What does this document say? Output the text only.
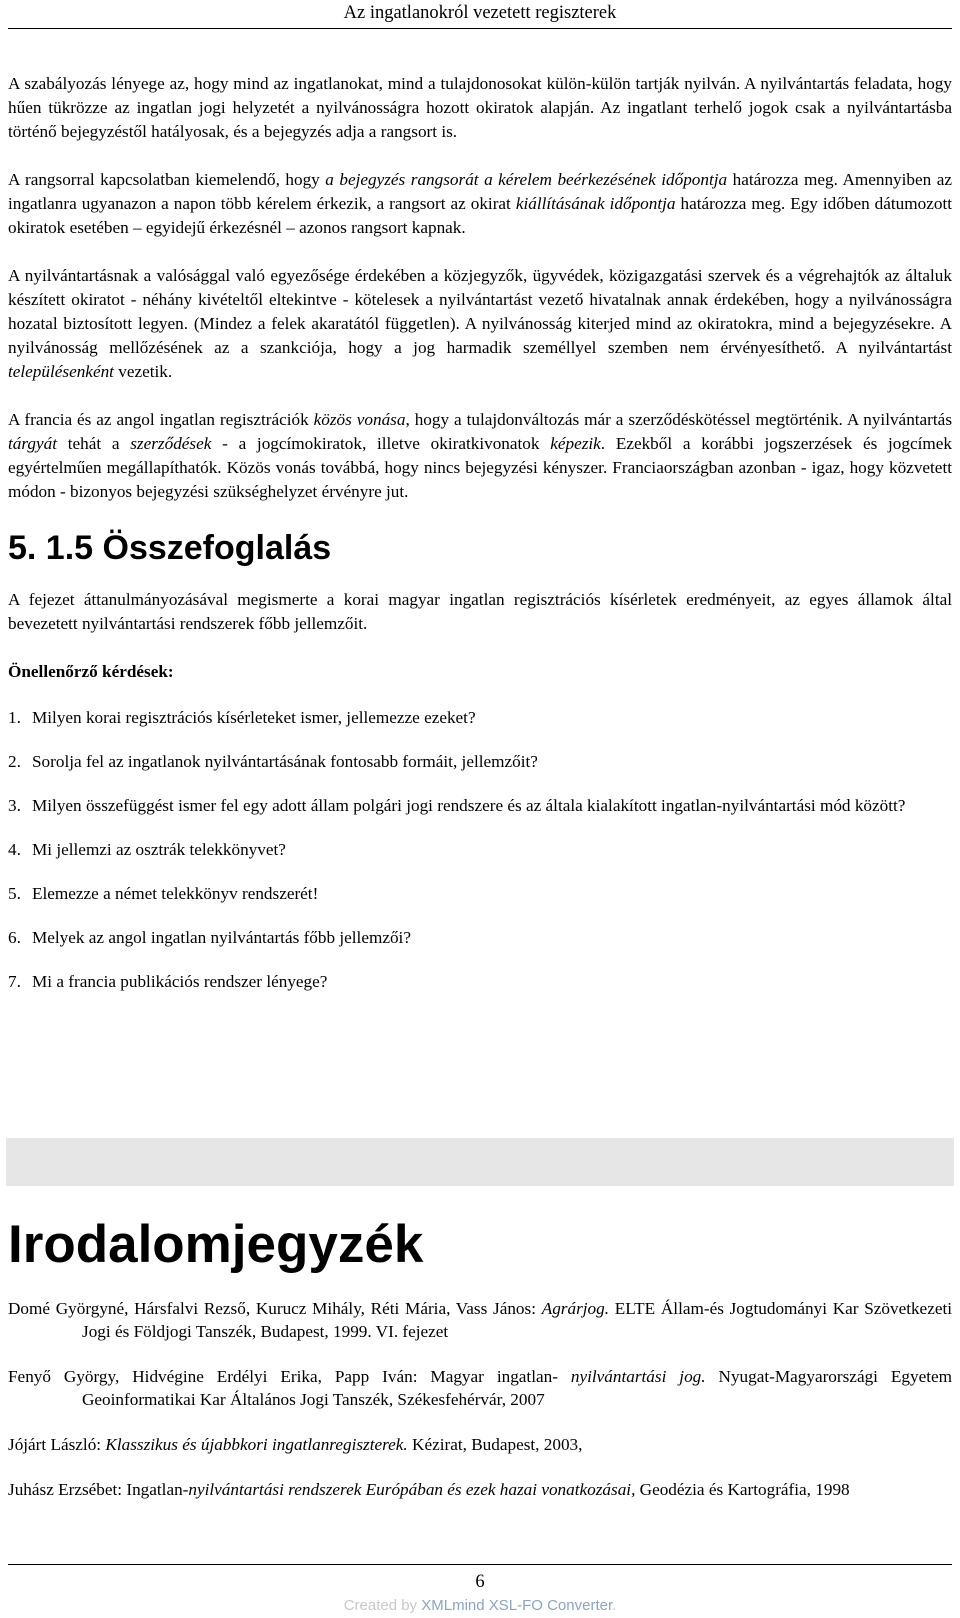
Az ingatlanokról vezetett regiszterek

A szabályozás lényege az, hogy mind az ingatlanokat, mind a tulajdonosokat külön-külön tartják nyilván. A nyilvántartás feladata, hogy hűen tükrözze az ingatlan jogi helyzetét a nyilvánosságra hozott okiratok alapján. Az ingatlant terhelő jogok csak a nyilvántartásba történő bejegyzéstől hatályosak, és a bejegyzés adja a rangsort is.

A rangsorral kapcsolatban kiemelendő, hogy a bejegyzés rangsorát a kérelem beérkezésének időpontja határozza meg. Amennyiben az ingatlanra ugyanazon a napon több kérelem érkezik, a rangsort az okirat kiállításának időpontja határozza meg. Egy időben dátumozott okiratok esetében – egyidejű érkezésnél – azonos rangsort kapnak.

A nyilvántartásnak a valósággal való egyezősége érdekében a közjegyzők, ügyvédek, közigazgatási szervek és a végrehajtók az általuk készített okiratot - néhány kivételtől eltekintve - kötelesek a nyilvántartást vezető hivatalnak annak érdekében, hogy a nyilvánosságra hozatal biztosított legyen. (Mindez a felek akaratától független). A nyilvánosság kiterjed mind az okiratokra, mind a bejegyzésekre. A nyilvánosság mellőzésének az a szankciója, hogy a jog harmadik személlyel szemben nem érvényesíthető. A nyilvántartást településenként vezetik.

A francia és az angol ingatlan regisztrációk közös vonása, hogy a tulajdonváltozás már a szerződéskötéssel megtörténik. A nyilvántartás tárgyát tehát a szerződések - a jogcímokiratok, illetve okiratkivonatok képezik. Ezekből a korábbi jogszerzések és jogcímek egyértelműen megállapíthatók. Közös vonás továbbá, hogy nincs bejegyzési kényszer. Franciaországban azonban - igaz, hogy közvetett módon - bizonyos bejegyzési szükséghelyzet érvényre jut.

5. 1.5 Összefoglalás

A fejezet áttanulmányozásával megismerte a korai magyar ingatlan regisztrációs kísérletek eredményeit, az egyes államok által bevezetett nyilvántartási rendszerek főbb jellemzőit.

Önellenőrző kérdések:

1. Milyen korai regisztrációs kísérleteket ismer, jellemezze ezeket?
2. Sorolja fel az ingatlanok nyilvántartásának fontosabb formáit, jellemzőit?
3. Milyen összefüggést ismer fel egy adott állam polgári jogi rendszere és az általa kialakított ingatlan-nyilvántartási mód között?
4. Mi jellemzi az osztrák telekkönyvet?
5. Elemezze a német telekkönyv rendszerét!
6. Melyek az angol ingatlan nyilvántartás főbb jellemzői?
7. Mi a francia publikációs rendszer lényege?
Irodalomjegyzék

Domé Györgyné, Hársfalvi Rezső, Kurucz Mihály, Réti Mária, Vass János: Agrárjog. ELTE Állam-és Jogtudományi Kar Szövetkezeti Jogi és Földjogi Tanszék, Budapest, 1999. VI. fejezet

Fenyő György, Hidvégine Erdélyi Erika, Papp Iván: Magyar ingatlan- nyilvántartási jog. Nyugat-Magyarországi Egyetem Geoinformatikai Kar Általános Jogi Tanszék, Székesfehérvár, 2007

Jójárt László: Klasszikus és újabbkori ingatlanregiszterek. Kézirat, Budapest, 2003,

Juhász Erzsébet: Ingatlan-nyilvántartási rendszerek Európában és ezek hazai vonatkozásai, Geodézia és Kartográfia, 1998

6
Created by XMLmind XSL-FO Converter.
